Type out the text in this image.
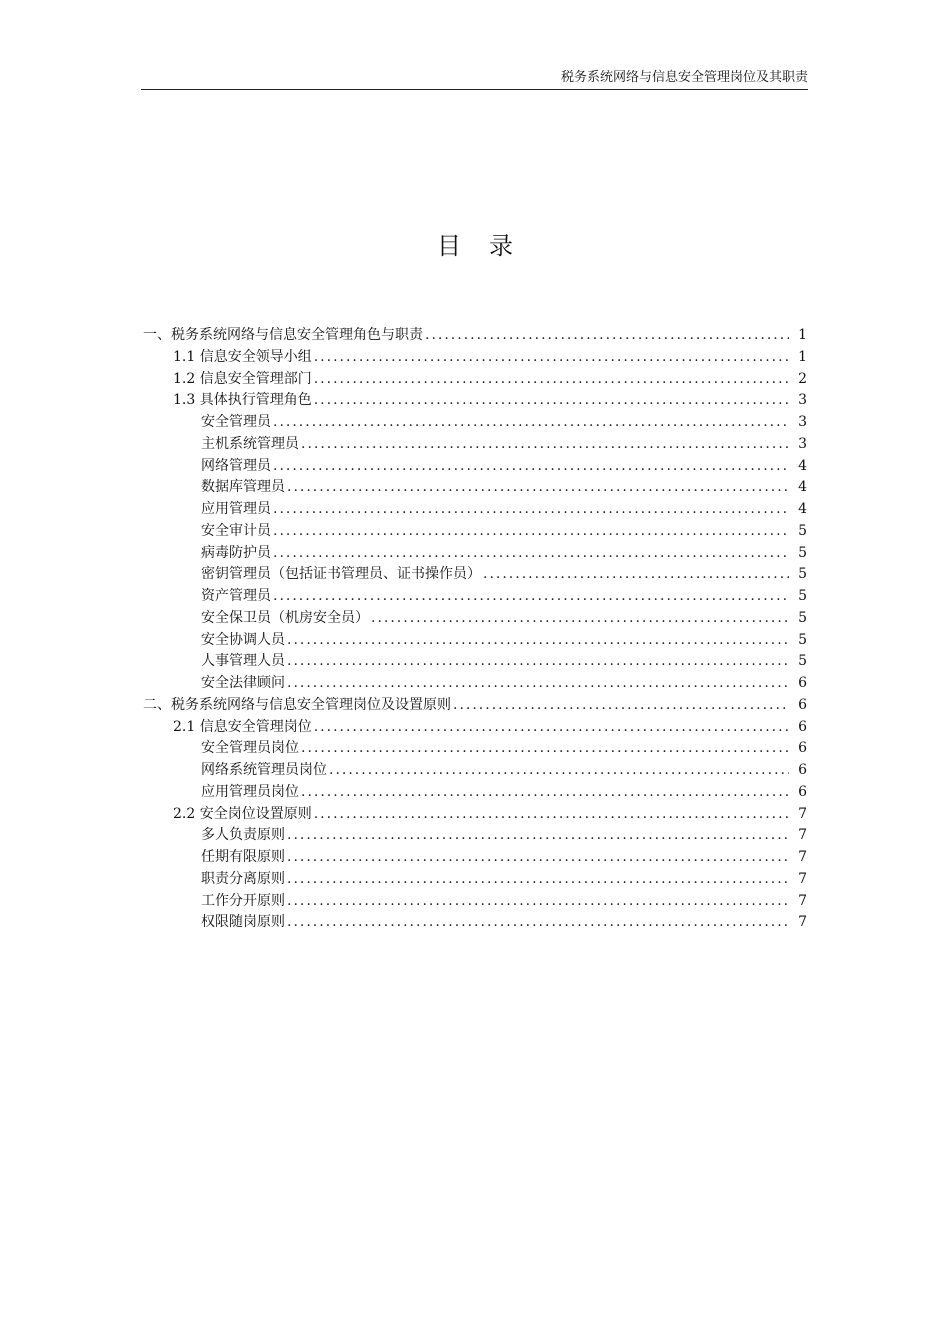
税务系统网络与信息安全管理岗位及其职责
目录
一、税务系统网络与信息安全管理角色与职责 .....	1
1.1 信息安全领导小组 .....	1
1.2 信息安全管理部门 .....	2
1.3 具体执行管理角色 .....	3
安全管理员 .....	3
主机系统管理员 .....	3
网络管理员 .....	4
数据库管理员 .....	4
应用管理员 .....	4
安全审计员 .....	5
病毒防护员 .....	5
密钥管理员（包括证书管理员、证书操作员） .....	5
资产管理员 .....	5
安全保卫员（机房安全员） .....	5
安全协调人员 .....	5
人事管理人员 .....	5
安全法律顾问 .....	6
二、税务系统网络与信息安全管理岗位及设置原则 .....	6
2.1 信息安全管理岗位 .....	6
安全管理员岗位 .....	6
网络系统管理员岗位 .....	6
应用管理员岗位 .....	6
2.2 安全岗位设置原则 .....	7
多人负责原则 .....	7
任期有限原则 .....	7
职责分离原则 .....	7
工作分开原则 .....	7
权限随岗原则 .....	7
